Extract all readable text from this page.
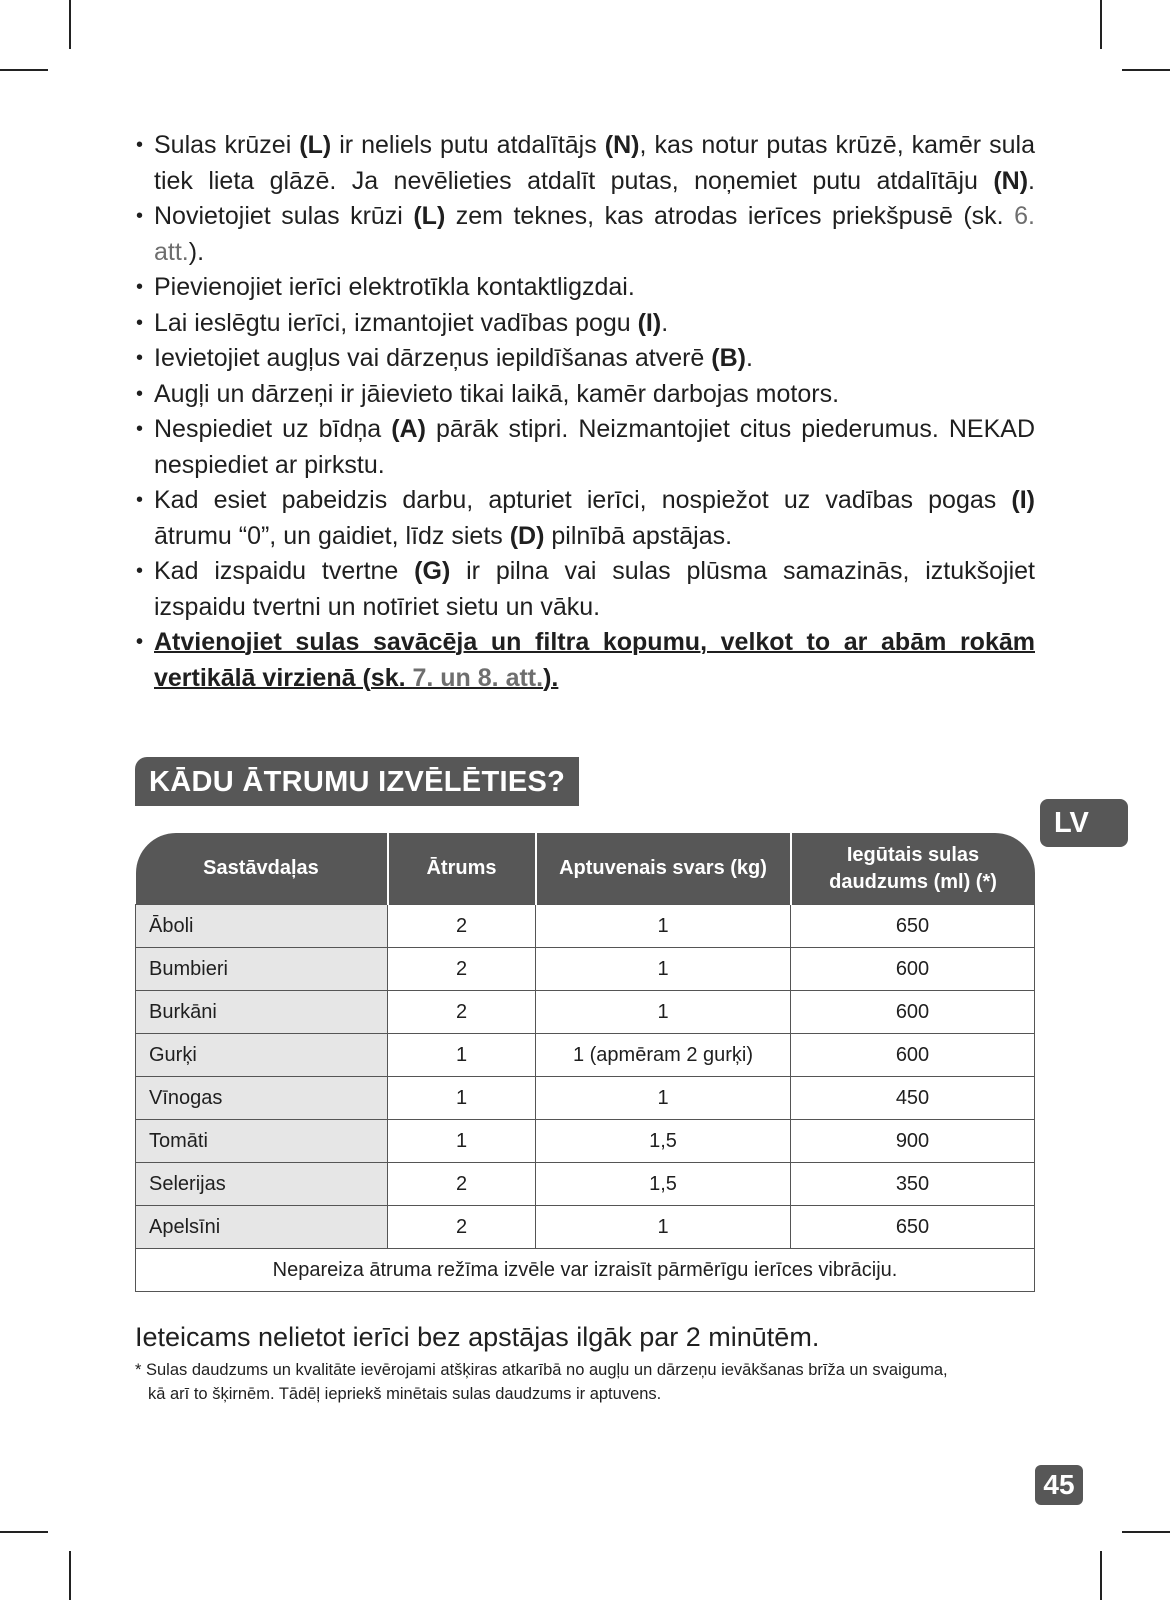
• Sulas krūzei (L) ir neliels putu atdalītājs (N), kas notur putas krūzē, kamēr sula tiek lieta glāzē. Ja nevēlieties atdalīt putas, noņemiet putu atdalītāju (N).
• Novietojiet sulas krūzi (L) zem teknes, kas atrodas ierīces priekšpusē (sk. 6. att.).
• Pievienojiet ierīci elektrotīkla kontaktligzdai.
• Lai ieslēgtu ierīci, izmantojiet vadības pogu (I).
• Ievietojiet augļus vai dārzeņus iepildīšanas atverē (B).
• Augļi un dārzeņi ir jāievieto tikai laikā, kamēr darbojas motors.
• Nespiediet uz bīdņa (A) pārāk stipri. Neizmantojiet citus piederumus. NEKAD nespiediet ar pirkstu.
• Kad esiet pabeidzis darbu, apturiet ierīci, nospiežot uz vadības pogas (I) ātrumu “0”, un gaidiet, līdz siets (D) pilnībā apstājas.
• Kad izspaidu tvertne (G) ir pilna vai sulas plūsma samazinās, iztukšojiet izspaidu tvertni un notīriet sietu un vāku.
• Atvienojiet sulas savācēja un filtra kopumu, velkot to ar abām rokām vertikālā virzienā (sk. 7. un 8. att.).
KĀDU ĀTRUMU IZVĒLĒTIES?
LV
Sastāvdaļas	Ātrums	Aptuvenais svars (kg)	Iegūtais sulas daudzums (ml) (*)
Āboli	2	1	650
Bumbieri	2	1	600
Burkāni	2	1	600
Gurķi	1	1 (apmēram 2 gurķi)	600
Vīnogas	1	1	450
Tomāti	1	1,5	900
Selerijas	2	1,5	350
Apelsīni	2	1	650
Nepareiza ātruma režīma izvēle var izraisīt pārmērīgu ierīces vibrāciju.			
Ieteicams nelietot ierīci bez apstājas ilgāk par 2 minūtēm.
* Sulas daudzums un kvalitāte ievērojami atšķiras atkarībā no augļu un dārzeņu ievākšanas brīža un svaiguma,
kā arī to šķirnēm. Tādēļ iepriekš minētais sulas daudzums ir aptuvens.
45
